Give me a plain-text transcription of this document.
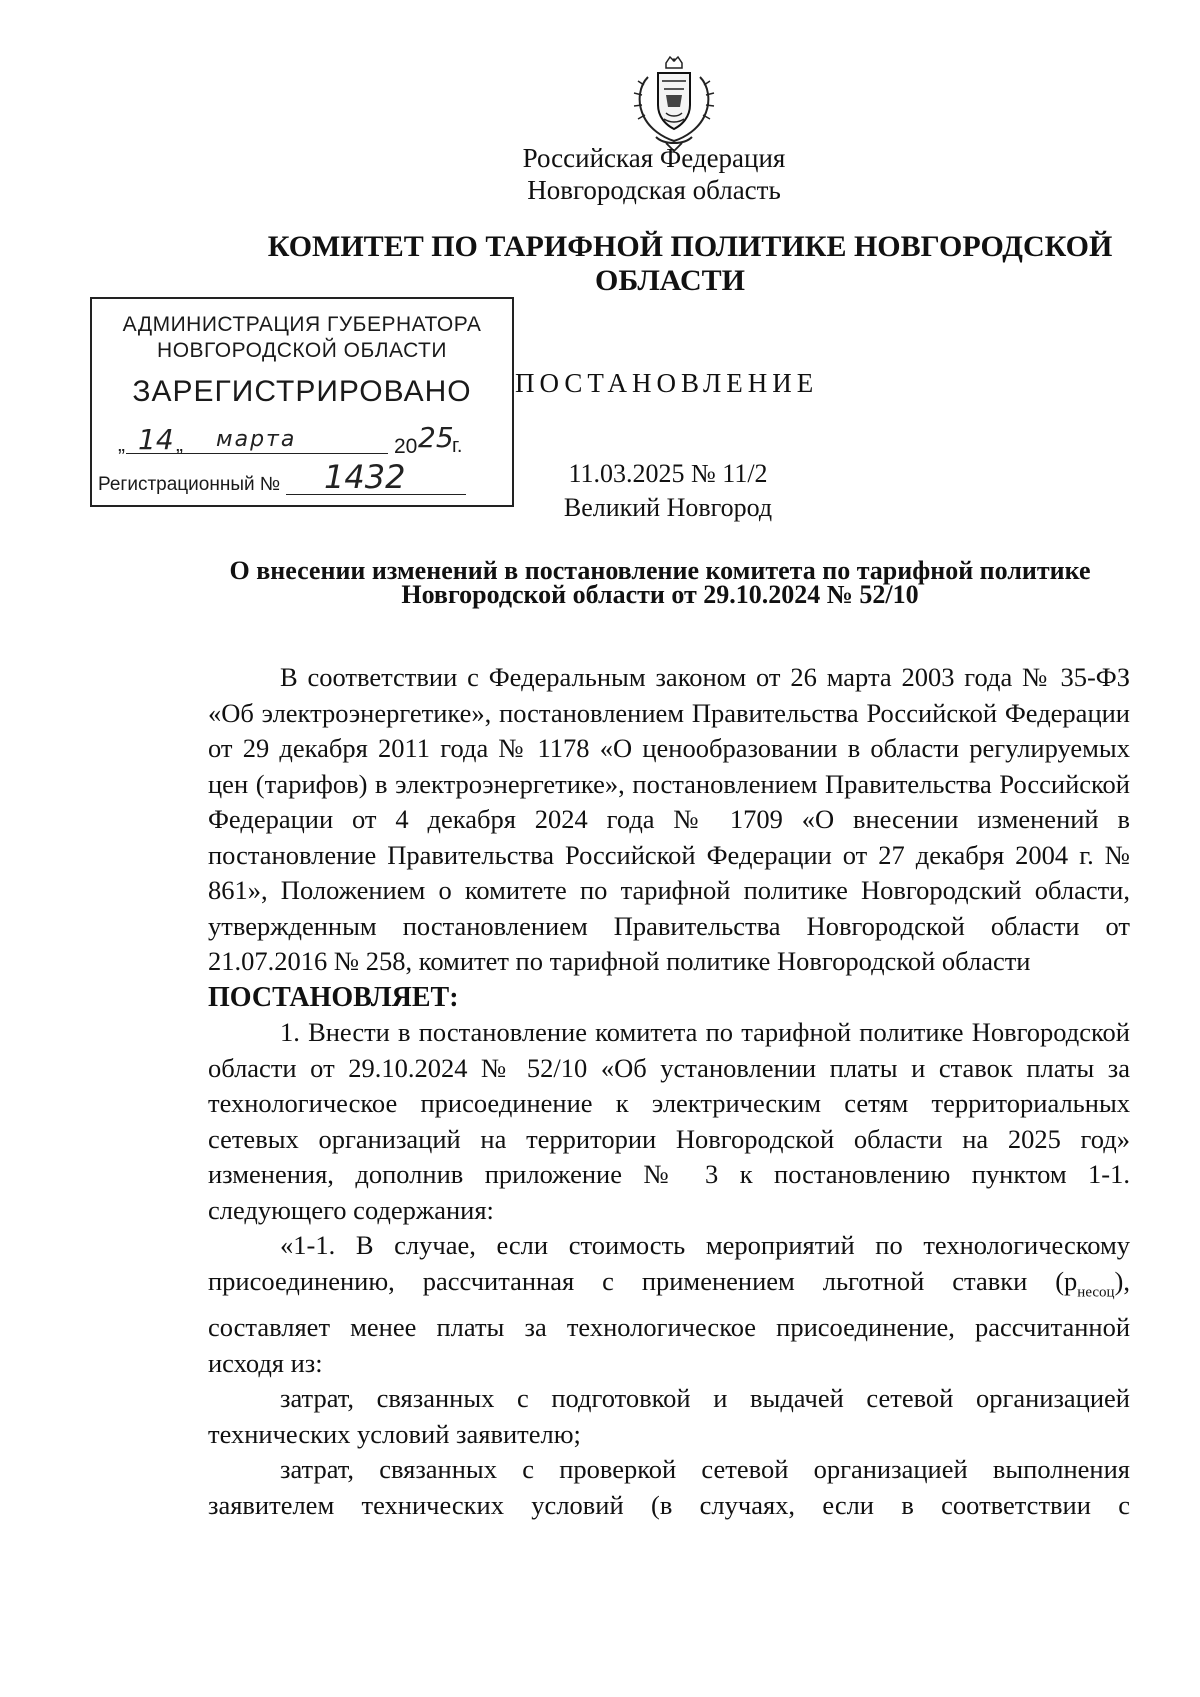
Российская Федерация
Новгородская область
КОМИТЕТ ПО ТАРИФНОЙ ПОЛИТИКЕ НОВГОРОДСКОЙ
ОБЛАСТИ
АДМИНИСТРАЦИЯ ГУБЕРНАТОРА
НОВГОРОДСКОЙ ОБЛАСТИ
ЗАРЕГИСТРИРОВАНО
„ 14 „ марта	20 25
г.
Регистрационный № 1432
ПОСТАНОВЛЕНИЕ
11.03.2025 № 11/2
Великий Новгород
О внесении изменений в постановление комитета по тарифной политике
Новгородской области от 29.10.2024 № 52/10

В соответствии с Федеральным законом от 26 марта 2003 года № 35-ФЗ «Об электроэнергетике», постановлением Правительства Российской Федерации от 29 декабря 2011 года № 1178 «О ценообразовании в области регулируемых цен (тарифов) в электроэнергетике», постановлением Правительства Российской Федерации от 4 декабря 2024 года № 1709 «О внесении изменений в постановление Правительства Российской Федерации от 27 декабря 2004 г. № 861», Положением о комитете по тарифной политике Новгородский области, утвержденным постановлением Правительства Новгородской области от 21.07.2016 № 258, комитет по тарифной политике Новгородской области

ПОСТАНОВЛЯЕТ:

1. Внести в постановление комитета по тарифной политике Новгородской области от 29.10.2024 № 52/10 «Об установлении платы и ставок платы за технологическое присоединение к электрическим сетям территориальных сетевых организаций на территории Новгородской области на 2025 год» изменения, дополнив приложение № 3 к постановлению пунктом 1-1. следующего содержания:

«1-1. В случае, если стоимость мероприятий по технологическому присоединению, рассчитанная с применением льготной ставки $(р_{несоц})$, составляет менее платы за технологическое присоединение, рассчитанной исходя из:

затрат, связанных с подготовкой и выдачей сетевой организацией технических условий заявителю;

затрат, связанных с проверкой сетевой организацией выполнения заявителем технических условий (в случаях, если в соответствии с
